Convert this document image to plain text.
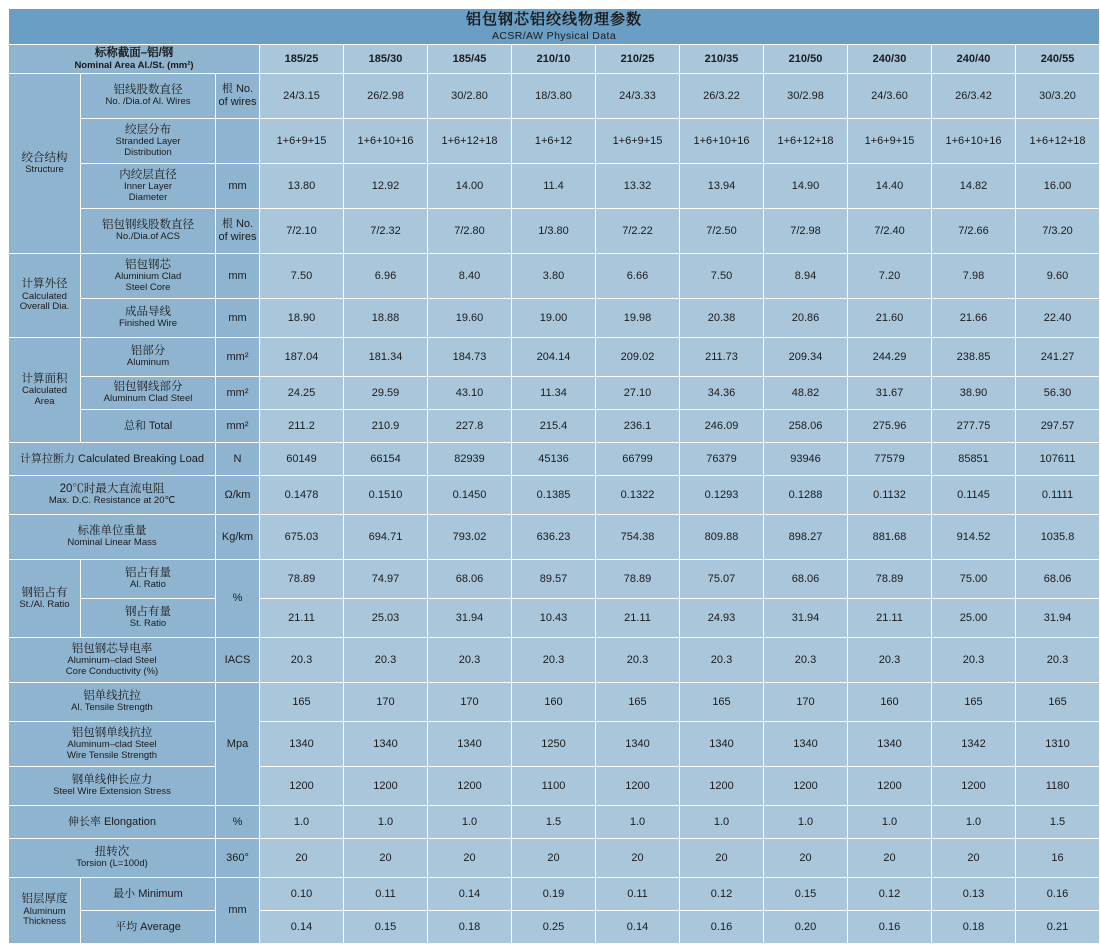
铝包钢芯铝绞线物理参数
ACSR/AW Physical Data												

标称截面–铝/钢
Nominal Area Al./St. (mm²)			185/25	185/30	185/45	210/10	210/25	210/35	210/50	240/30	240/40	240/55

绞合结构
Structure	铝线股数直径
No. /Dia.of Al. Wires	根 No. of wires	24/3.15	26/2.98	30/2.80	18/3.80	24/3.33	26/3.22	30/2.98	24/3.60	26/3.42	30/3.20

	绞层分布
Stranded Layer
Distribution		1+6+9+15	1+6+10+16	1+6+12+18	1+6+12	1+6+9+15	1+6+10+16	1+6+12+18	1+6+9+15	1+6+10+16	1+6+12+18

	内绞层直径
Inner Layer
Diameter	mm	13.80	12.92	14.00	11.4	13.32	13.94	14.90	14.40	14.82	16.00

	铝包钢线股数直径
No./Dia.of ACS	根 No. of wires	7/2.10	7/2.32	7/2.80	1/3.80	7/2.22	7/2.50	7/2.98	7/2.40	7/2.66	7/3.20

计算外径
Calculated
Overall Dia.	铝包钢芯
Aluminium Clad
Steel Core	mm	7.50	6.96	8.40	3.80	6.66	7.50	8.94	7.20	7.98	9.60

	成品导线
Finished Wire	mm	18.90	18.88	19.60	19.00	19.98	20.38	20.86	21.60	21.66	22.40

计算面积
Calculated
Area	铝部分
Aluminum	mm²	187.04	181.34	184.73	204.14	209.02	211.73	209.34	244.29	238.85	241.27

	铝包钢线部分
Aluminum Clad Steel	mm²	24.25	29.59	43.10	11.34	27.10	34.36	48.82	31.67	38.90	56.30
	总和 Total	mm²	211.2	210.9	227.8	215.4	236.1	246.09	258.06	275.96	277.75	297.57
计算拉断力 Calculated Breaking Load		N	60149	66154	82939	45136	66799	76379	93946	77579	85851	107611

20℃时最大直流电阻
Max. D.C. Resistance at 20℃		Ω/km	0.1478	0.1510	0.1450	0.1385	0.1322	0.1293	0.1288	0.1132	0.1145	0.1111

标准单位重量
Nominal Linear Mass		Kg/km	675.03	694.71	793.02	636.23	754.38	809.88	898.27	881.68	914.52	1035.8

钢铝占有
St./Al. Ratio	铝占有量
Al. Ratio	%	78.89	74.97	68.06	89.57	78.89	75.07	68.06	78.89	75.00	68.06

	钢占有量
St. Ratio		21.11	25.03	31.94	10.43	21.11	24.93	31.94	21.11	25.00	31.94

铝包钢芯导电率
Aluminum–clad Steel
Core Conductivity (%)		IACS	20.3	20.3	20.3	20.3	20.3	20.3	20.3	20.3	20.3	20.3

铝单线抗拉
Al. Tensile Strength		Mpa	165	170	170	160	165	165	170	160	165	165

铝包钢单线抗拉
Aluminum–clad Steel
Wire Tensile Strength			1340	1340	1340	1250	1340	1340	1340	1340	1342	1310

钢单线伸长应力
Steel Wire Extension Stress			1200	1200	1200	1100	1200	1200	1200	1200	1200	1180
伸长率 Elongation		%	1.0	1.0	1.0	1.5	1.0	1.0	1.0	1.0	1.0	1.5

扭转次
Torsion (L=100d)		360°	20	20	20	20	20	20	20	20	20	16

铝层厚度
Aluminum
Thickness	最小 Minimum	mm	0.10	0.11	0.14	0.19	0.11	0.12	0.15	0.12	0.13	0.16
	平均 Average		0.14	0.15	0.18	0.25	0.14	0.16	0.20	0.16	0.18	0.21
